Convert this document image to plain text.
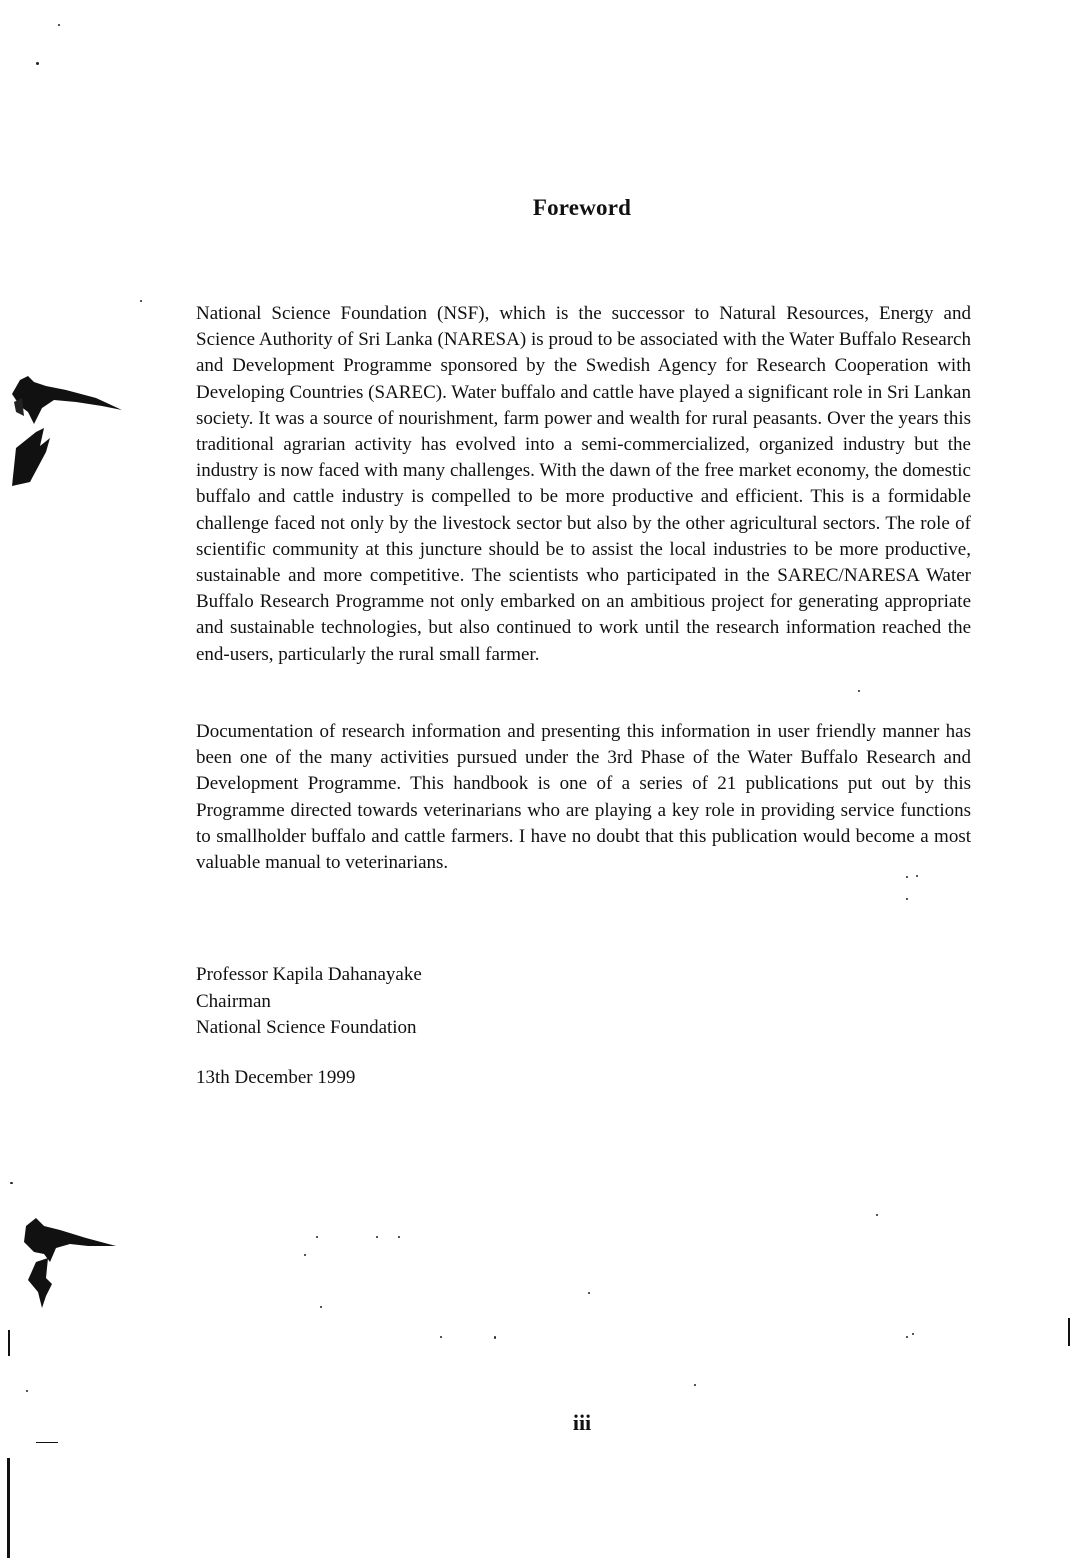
Foreword

National Science Foundation (NSF), which is the successor to Natural Resources, Energy and Science Authority of Sri Lanka (NARESA) is proud to be associated with the Water Buffalo Research and Development Programme sponsored by the Swedish Agency for Research Cooperation with Developing Countries (SAREC). Water buffalo and cattle have played a significant role in Sri Lankan society. It was a source of nourishment, farm power and wealth for rural peasants. Over the years this traditional agrarian activity has evolved into a semi-commercialized, organized industry but the industry is now faced with many challenges. With the dawn of the free market economy, the domestic buffalo and cattle industry is compelled to be more productive and efficient. This is a formidable challenge faced not only by the livestock sector but also by the other agricultural sectors. The role of scientific community at this juncture should be to assist the local industries to be more productive, sustainable and more competitive. The scientists who participated in the SAREC/NARESA Water Buffalo Research Programme not only embarked on an ambitious project for generating appropriate and sustainable technologies, but also continued to work until the research information reached the end-users, particularly the rural small farmer.

Documentation of research information and presenting this information in user friendly manner has been one of the many activities pursued under the 3rd Phase of the Water Buffalo Research and Development Programme. This handbook is one of a series of 21 publications put out by this Programme directed towards veterinarians who are playing a key role in providing service functions to smallholder buffalo and cattle farmers. I have no doubt that this publication would become a most valuable manual to veterinarians.

Professor Kapila Dahanayake
Chairman
National Science Foundation
13th December 1999
iii
